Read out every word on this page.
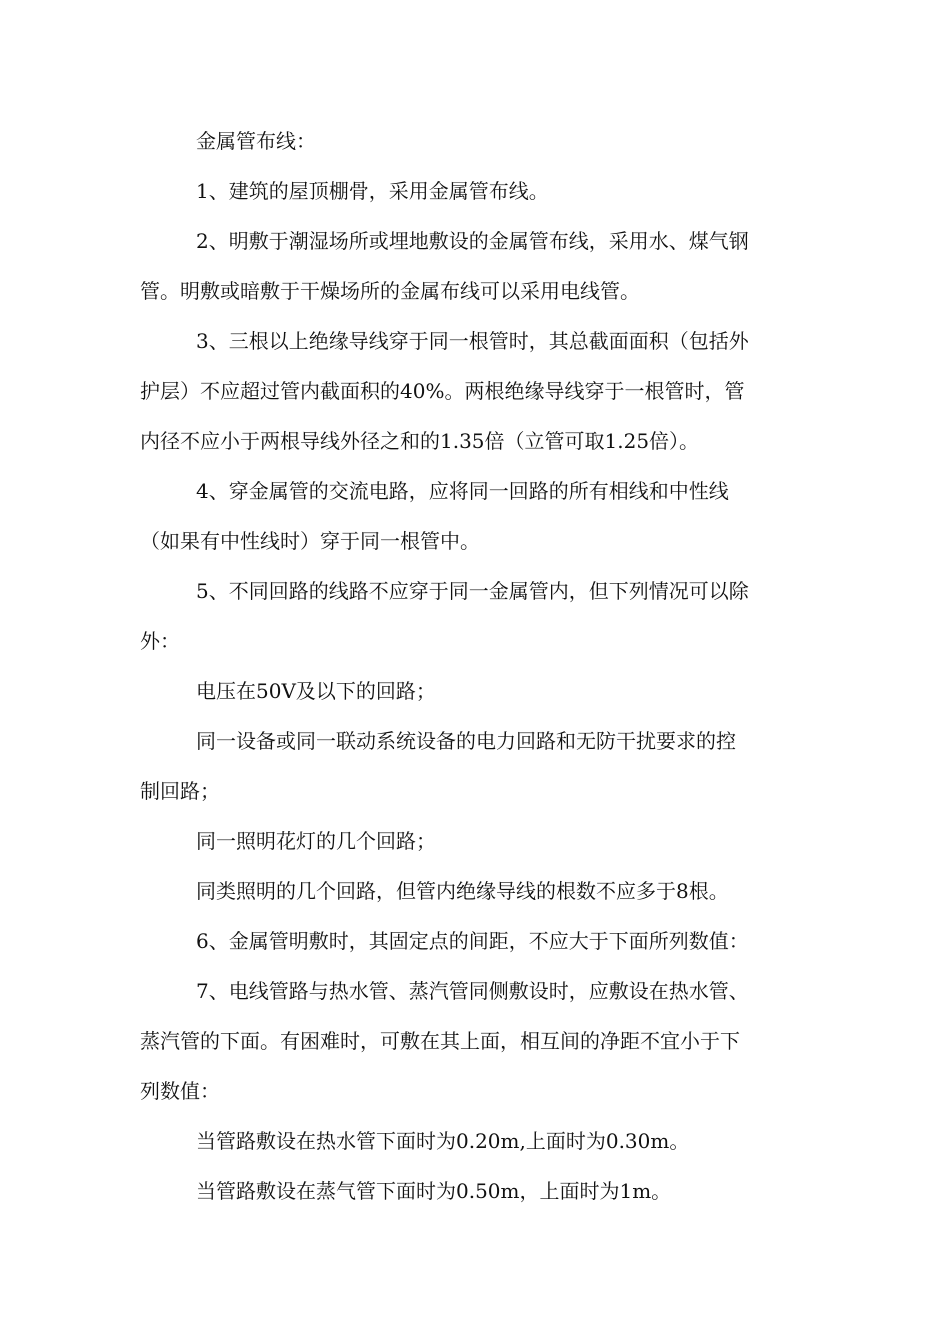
金属管布线：
1、建筑的屋顶棚骨，采用金属管布线。
2、明敷于潮湿场所或埋地敷设的金属管布线，采用水、煤气钢
管。明敷或暗敷于干燥场所的金属布线可以采用电线管。
3、三根以上绝缘导线穿于同一根管时，其总截面面积（包括外
护层）不应超过管内截面积的40%。两根绝缘导线穿于一根管时，管
内径不应小于两根导线外径之和的1.35倍（立管可取1.25倍）。
4、穿金属管的交流电路，应将同一回路的所有相线和中性线
（如果有中性线时）穿于同一根管中。
5、不同回路的线路不应穿于同一金属管内，但下列情况可以除
外：
电压在50V及以下的回路；
同一设备或同一联动系统设备的电力回路和无防干扰要求的控
制回路；
同一照明花灯的几个回路；
同类照明的几个回路，但管内绝缘导线的根数不应多于8根。
6、金属管明敷时，其固定点的间距，不应大于下面所列数值：
7、电线管路与热水管、蒸汽管同侧敷设时，应敷设在热水管、
蒸汽管的下面。有困难时，可敷在其上面，相互间的净距不宜小于下
列数值：
当管路敷设在热水管下面时为0.20m,上面时为0.30m。
当管路敷设在蒸气管下面时为0.50m，上面时为1m。
